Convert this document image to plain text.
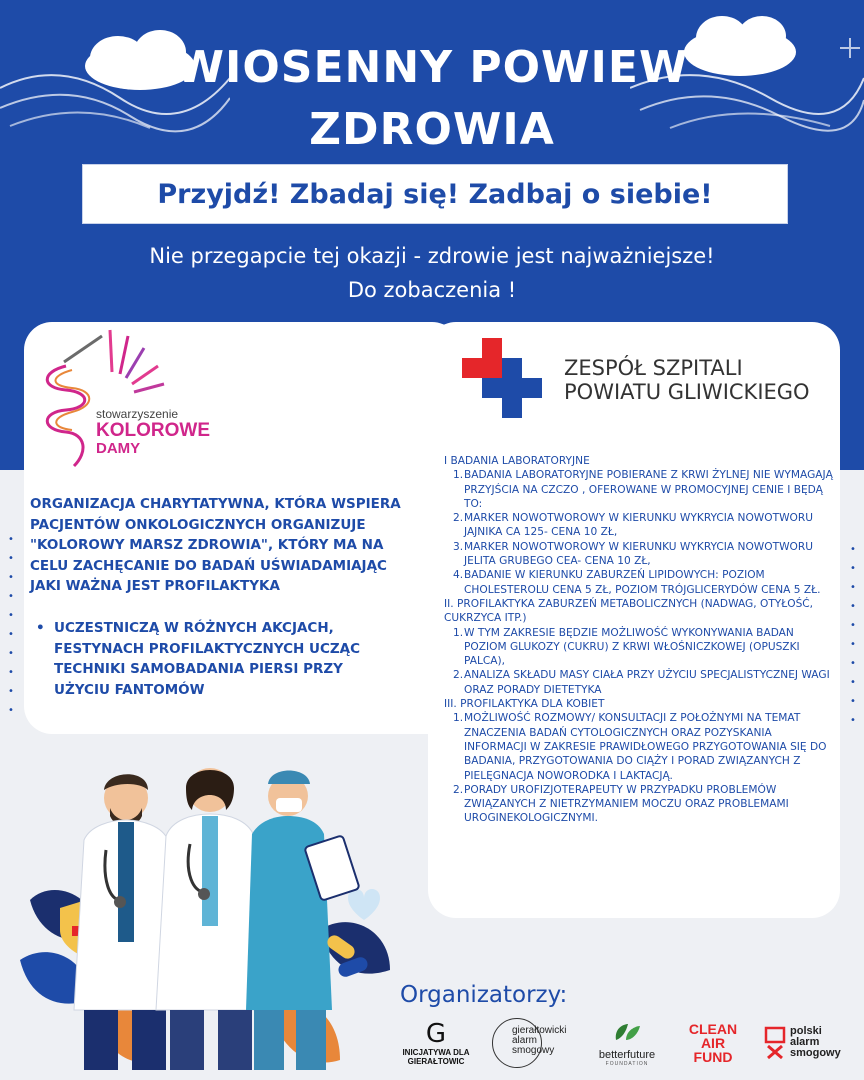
•
•
•
•
•
•
•
•
•
•
•
•
•
•
•
•
•
•
•
•
WIOSENNY POWIEW
ZDROWIA
Przyjdź! Zbadaj się! Zadbaj o siebie!
Nie przegapcie tej okazji - zdrowie jest najważniejsze!
Do zobaczenia !
stowarzyszenie
KOLOROWE
DAMY
ZESPÓŁ SZPITALI
POWIATU GLIWICKIEGO
ORGANIZACJA CHARYTATYWNA, KTÓRA WSPIERA PACJENTÓW ONKOLOGICZNYCH ORGANIZUJE "KOLOROWY MARSZ ZDROWIA", KTÓRY MA NA CELU ZACHĘCANIE DO BADAŃ UŚWIADAMIAJĄC JAKI WAŻNA JEST PROFILAKTYKA
• UCZESTNICZĄ W RÓŻNYCH AKCJACH, FESTYNACH PROFILAKTYCZNYCH UCZĄC TECHNIKI SAMOBADANIA PIERSI PRZY UŻYCIU FANTOMÓW
I BADANIA LABORATORYJNE
1. BADANIA LABORATORYJNE POBIERANE Z KRWI ŻYLNEJ NIE WYMAGAJĄ PRZYJŚCIA NA CZCZO , OFEROWANE W PROMOCYJNEJ CENIE I BĘDĄ TO:
2. MARKER NOWOTWOROWY W KIERUNKU WYKRYCIA NOWOTWORU JAJNIKA CA 125- CENA 10 ZŁ,
3. MARKER NOWOTWOROWY W KIERUNKU WYKRYCIA NOWOTWORU JELITA GRUBEGO CEA- CENA 10 ZŁ,
4. BADANIE W KIERUNKU ZABURZEŃ LIPIDOWYCH: POZIOM CHOLESTEROLU CENA 5 ZŁ, POZIOM TRÓJGLICERYDÓW CENA 5 ZŁ.
II. PROFILAKTYKA ZABURZEŃ METABOLICZNYCH (NADWAG, OTYŁOŚĆ, CUKRZYCA ITP.)
1. W TYM ZAKRESIE BĘDZIE MOŻLIWOŚĆ WYKONYWANIA BADAN POZIOM GLUKOZY (CUKRU) Z KRWI WŁOŚNICZKOWEJ (OPUSZKI PALCA),
2. ANALIZA SKŁADU MASY CIAŁA PRZY UŻYCIU SPECJALISTYCZNEJ WAGI ORAZ PORADY DIETETYKA
III. PROFILAKTYKA DLA KOBIET
1. MOŻLIWOŚĆ ROZMOWY/ KONSULTACJI Z POŁOŻNYMI NA TEMAT ZNACZENIA BADAŃ CYTOLOGICZNYCH ORAZ POZYSKANIA INFORMACJI W ZAKRESIE PRAWIDŁOWEGO PRZYGOTOWANIA SIĘ DO BADANIA, PRZYGOTOWANIA DO CIĄŻY I PORAD ZWIĄZANYCH Z PIELĘGNACJA NOWORODKA I LAKTACJĄ.
2. PORADY UROFIZJOTERAPEUTY W PRZYPADKU PROBLEMÓW ZWIĄZANYCH Z NIETRZYMANIEM MOCZU ORAZ PROBLEMAMI UROGINEKOLOGICZNYMI.
Organizatorzy:
G
INICJATYWA DLA
GIERAŁTOWIC
gierałtowicki
alarm
smogowy	betterfuture
FOUNDATION
CLEAN
AIR
FUND
polski
alarm
smogowy
